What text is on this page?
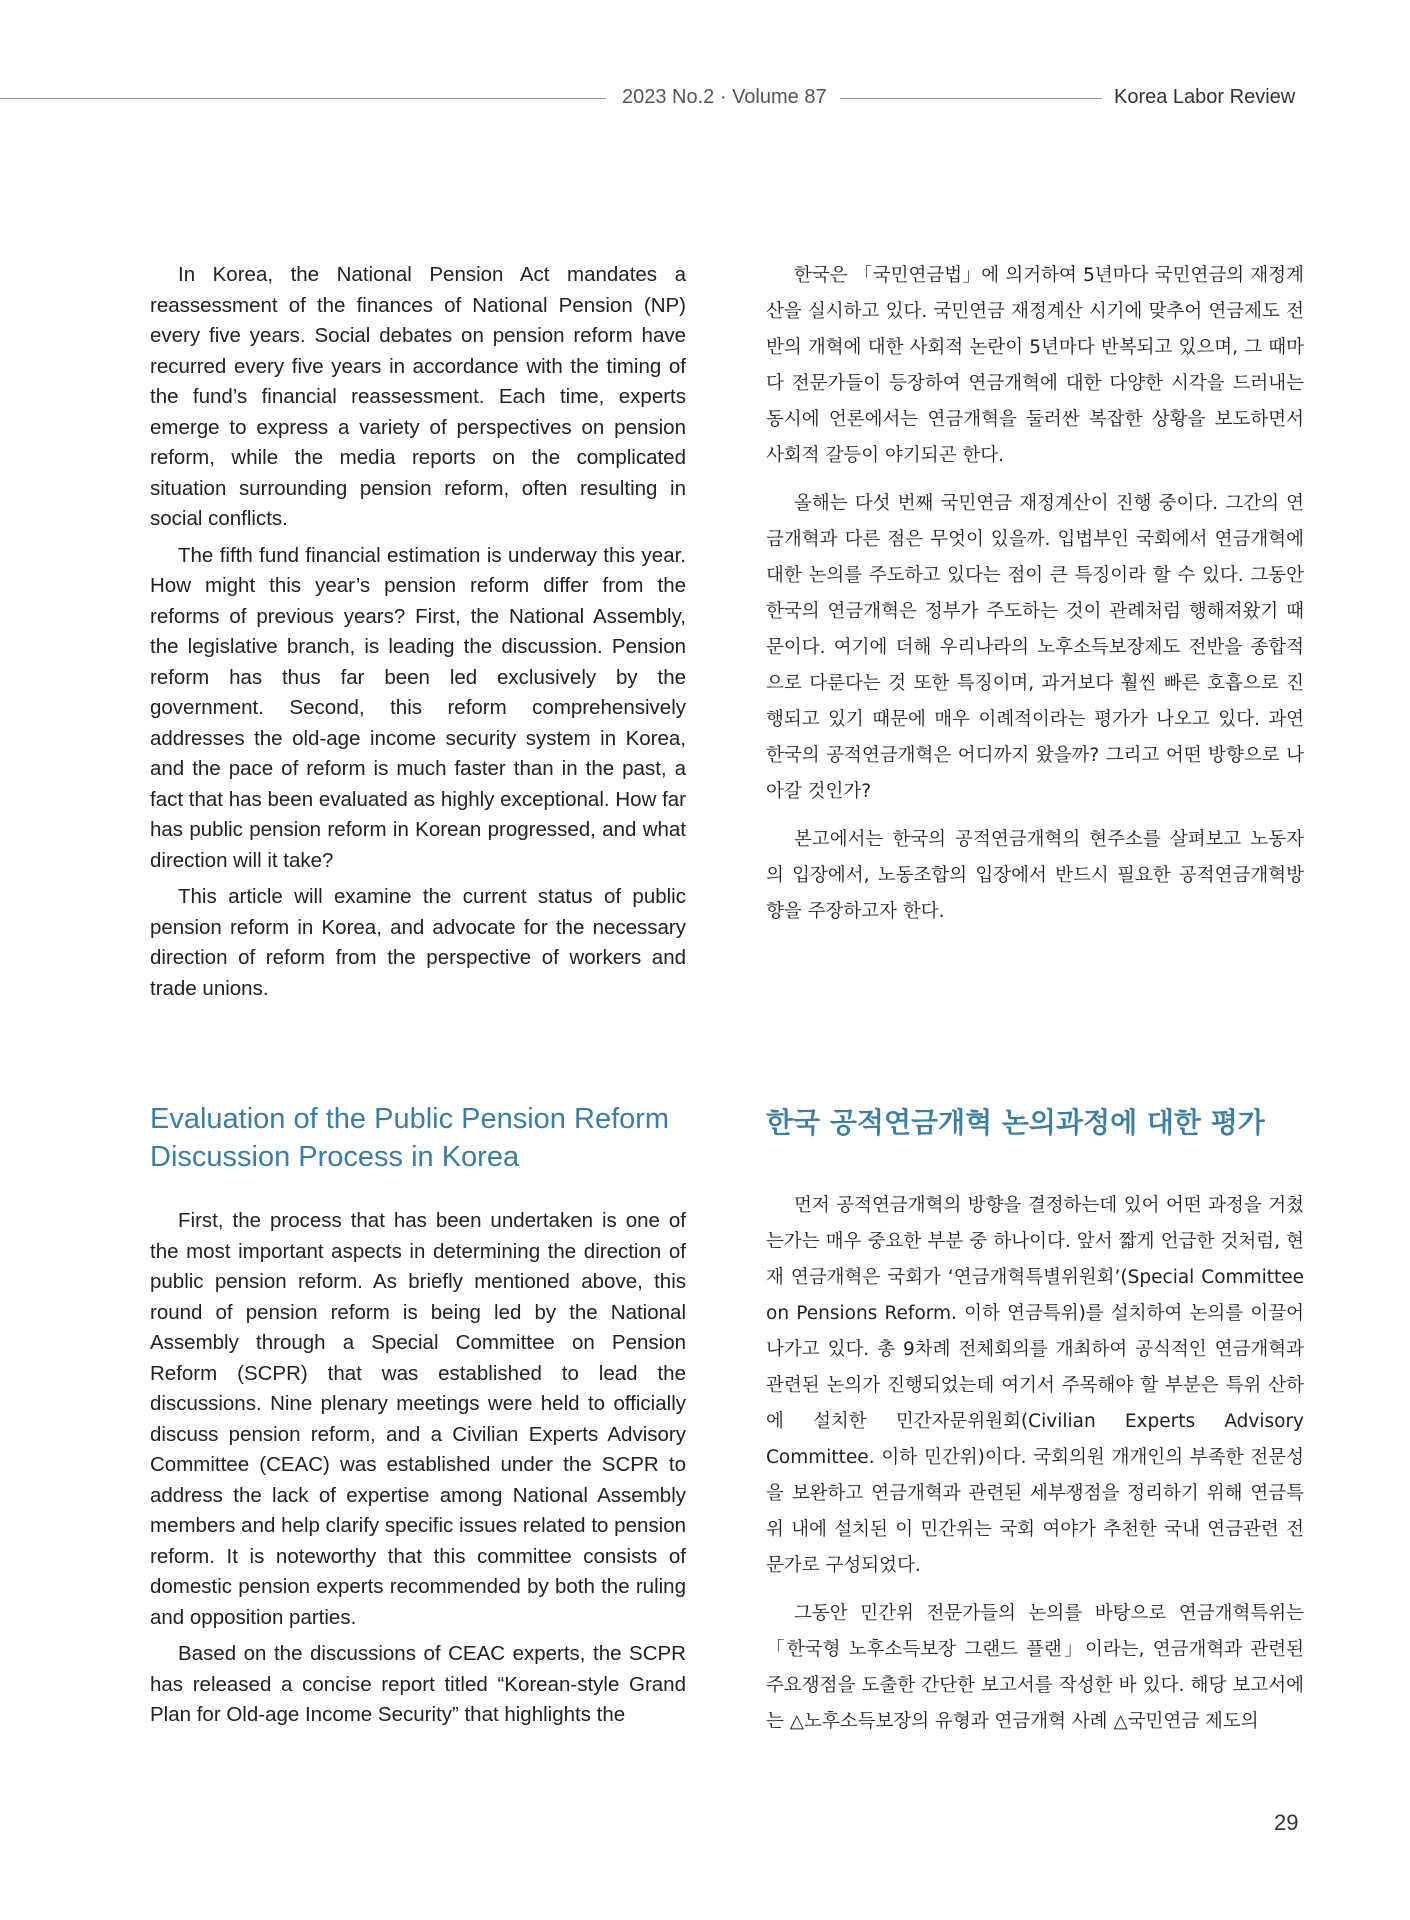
2023 No.2 · Volume 87	Korea Labor Review

In Korea, the National Pension Act mandates a reassessment of the finances of National Pension (NP) every five years. Social debates on pension reform have recurred every five years in accordance with the timing of the fund’s financial reassessment. Each time, experts emerge to express a variety of perspectives on pension reform, while the media reports on the complicated situation surrounding pension reform, often resulting in social conflicts.

The fifth fund financial estimation is underway this year. How might this year’s pension reform differ from the reforms of previous years? First, the National Assembly, the legislative branch, is leading the discussion. Pension reform has thus far been led exclusively by the government. Second, this reform comprehensively addresses the old-age income security system in Korea, and the pace of reform is much faster than in the past, a fact that has been evaluated as highly exceptional. How far has public pension reform in Korean progressed, and what direction will it take?

This article will examine the current status of public pension reform in Korea, and advocate for the necessary direction of reform from the perspective of workers and trade unions.

한국은 「국민연금법」에 의거하여 5년마다 국민연금의 재정계산을 실시하고 있다. 국민연금 재정계산 시기에 맞추어 연금제도 전반의 개혁에 대한 사회적 논란이 5년마다 반복되고 있으며, 그 때마다 전문가들이 등장하여 연금개혁에 대한 다양한 시각을 드러내는 동시에 언론에서는 연금개혁을 둘러싼 복잡한 상황을 보도하면서 사회적 갈등이 야기되곤 한다.

올해는 다섯 번째 국민연금 재정계산이 진행 중이다. 그간의 연금개혁과 다른 점은 무엇이 있을까. 입법부인 국회에서 연금개혁에 대한 논의를 주도하고 있다는 점이 큰 특징이라 할 수 있다. 그동안 한국의 연금개혁은 정부가 주도하는 것이 관례처럼 행해져왔기 때문이다. 여기에 더해 우리나라의 노후소득보장제도 전반을 종합적으로 다룬다는 것 또한 특징이며, 과거보다 훨씬 빠른 호흡으로 진행되고 있기 때문에 매우 이례적이라는 평가가 나오고 있다. 과연 한국의 공적연금개혁은 어디까지 왔을까? 그리고 어떤 방향으로 나아갈 것인가?

본고에서는 한국의 공적연금개혁의 현주소를 살펴보고 노동자의 입장에서, 노동조합의 입장에서 반드시 필요한 공적연금개혁방향을 주장하고자 한다.

Evaluation of the Public Pension Reform Discussion Process in Korea
한국 공적연금개혁 논의과정에 대한 평가

First, the process that has been undertaken is one of the most important aspects in determining the direction of public pension reform. As briefly mentioned above, this round of pension reform is being led by the National Assembly through a Special Committee on Pension Reform (SCPR) that was established to lead the discussions. Nine plenary meetings were held to officially discuss pension reform, and a Civilian Experts Advisory Committee (CEAC) was established under the SCPR to address the lack of expertise among National Assembly members and help clarify specific issues related to pension reform. It is noteworthy that this committee consists of domestic pension experts recommended by both the ruling and opposition parties.

Based on the discussions of CEAC experts, the SCPR has released a concise report titled “Korean-style Grand Plan for Old-age Income Security” that highlights the

먼저 공적연금개혁의 방향을 결정하는데 있어 어떤 과정을 거쳤는가는 매우 중요한 부분 중 하나이다. 앞서 짧게 언급한 것처럼, 현재 연금개혁은 국회가 ‘연금개혁특별위원회’(Special Committee on Pensions Reform. 이하 연금특위)를 설치하여 논의를 이끌어나가고 있다. 총 9차례 전체회의를 개최하여 공식적인 연금개혁과 관련된 논의가 진행되었는데 여기서 주목해야 할 부분은 특위 산하에 설치한 민간자문위원회(Civilian Experts Advisory Committee. 이하 민간위)이다. 국회의원 개개인의 부족한 전문성을 보완하고 연금개혁과 관련된 세부쟁점을 정리하기 위해 연금특위 내에 설치된 이 민간위는 국회 여야가 추천한 국내 연금관련 전문가로 구성되었다.

그동안 민간위 전문가들의 논의를 바탕으로 연금개혁특위는 「한국형 노후소득보장 그랜드 플랜」이라는, 연금개혁과 관련된 주요쟁점을 도출한 간단한 보고서를 작성한 바 있다. 해당 보고서에는 △노후소득보장의 유형과 연금개혁 사례 △국민연금 제도의

29
